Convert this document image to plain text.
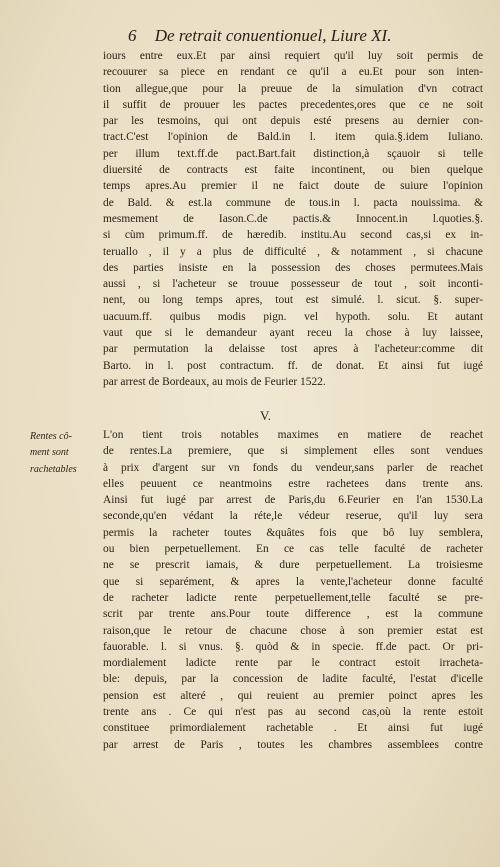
6 De retrait conuentionuel, Liure XI.
iours entre eux.Et par ainsi requiert qu'il luy soit permis de
recouurer sa piece en rendant ce qu'il a eu.Et pour son inten-
tion allegue,que pour la preuue de la simulation d'vn cotract
il suffit de prouuer les pactes precedentes,ores que ce ne soit
par les tesmoins, qui ont depuis esté presens au dernier con-
tract.C'est l'opinion de Bald.in l. item quia.§.idem Iuliano.
per illum text.ff.de pact.Bart.fait distinction,à sçauoir si telle
diuersité de contracts est faite incontinent, ou bien quelque
temps apres.Au premier il ne faict doute de suiure l'opinion
de Bald. & est.la commune de tous.in l. pacta nouissima. &
mesmement de Iason.C.de pactis.& Innocent.in l.quoties.§.
si cùm primum.ff. de hæredib. institu.Au second cas,si ex in-
teruallo , il y a plus de difficulté , & notamment , si chacune
des parties insiste en la possession des choses permutees.Mais
aussi , si l'acheteur se trouue possesseur de tout , soit inconti-
nent, ou long temps apres, tout est simulé. l. sicut. §. super-
uacuum.ff. quibus modis pign. vel hypoth. solu. Et autant
vaut que si le demandeur ayant receu la chose à luy laissee,
par permutation la delaisse tost apres à l'acheteur:comme dit
Barto. in l. post contractum. ff. de donat. Et ainsi fut iugé
par arrest de Bordeaux, au mois de Feurier 1522.
V.
Rentes cô-
ment sont
rachetables
L'on tient trois notables maximes en matiere de reachet
de rentes.La premiere, que si simplement elles sont vendues
à prix d'argent sur vn fonds du vendeur,sans parler de reachet
elles peuuent ce neantmoins estre rachetees dans trente ans.
Ainsi fut iugé par arrest de Paris,du 6.Feurier en l'an 1530.La
seconde,qu'en védant la réte,le védeur reserue, qu'il luy sera
permis la racheter toutes &quâtes fois que bô luy semblera,
ou bien perpetuellement. En ce cas telle faculté de racheter
ne se prescrit iamais, & dure perpetuellement. La troisiesme
que si separément, & apres la vente,l'acheteur donne faculté
de racheter ladicte rente perpetuellement,telle faculté se pre-
scrit par trente ans.Pour toute difference , est la commune
raison,que le retour de chacune chose à son premier estat est
fauorable. l. si vnus. §. quòd & in specie. ff.de pact. Or pri-
mordialement ladicte rente par le contract estoit irracheta-
ble: depuis, par la concession de ladite faculté, l'estat d'icelle
pension est alteré , qui reuient au premier poinct apres les
trente ans . Ce qui n'est pas au second cas,où la rente estoit
constituee primordialement rachetable . Et ainsi fut iugé
par arrest de Paris , toutes les chambres assemblees contre
